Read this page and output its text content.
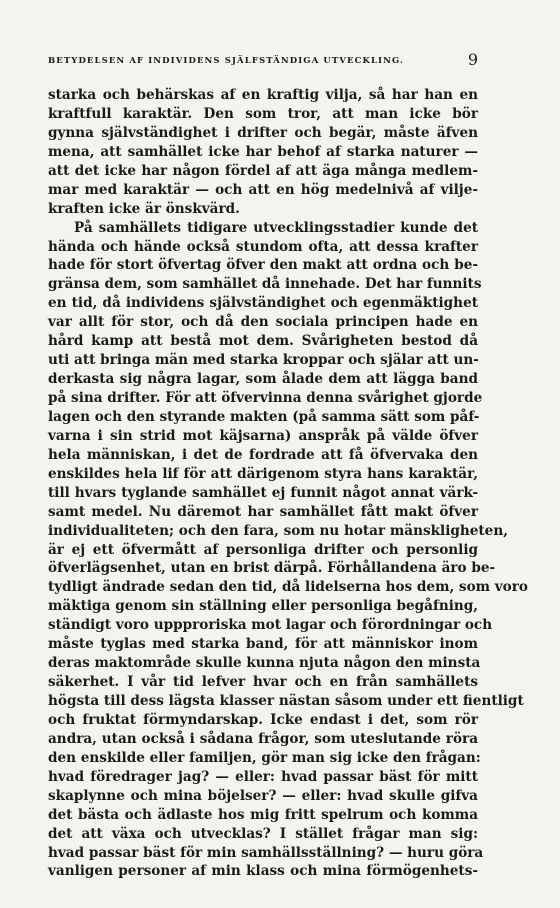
BETYDELSEN AF INDIVIDENS SJÄLFSTÄNDIGA UTVECKLING.	9
starka och behärskas af en kraftig vilja, så har han en
kraftfull karaktär. Den som tror, att man icke bör
gynna självständighet i drifter och begär, måste äfven
mena, att samhället icke har behof af starka naturer —
att det icke har någon fördel af att äga många medlem-
mar med karaktär — och att en hög medelnivå af vilje-
kraften icke är önskvärd.
På samhällets tidigare utvecklingsstadier kunde det
hända och hände också stundom ofta, att dessa krafter
hade för stort öfvertag öfver den makt att ordna och be-
gränsa dem, som samhället då innehade. Det har funnits
en tid, då individens självständighet och egenmäktighet
var allt för stor, och då den sociala principen hade en
hård kamp att bestå mot dem. Svårigheten bestod då
uti att bringa män med starka kroppar och själar att un-
derkasta sig några lagar, som ålade dem att lägga band
på sina drifter. För att öfvervinna denna svårighet gjorde
lagen och den styrande makten (på samma sätt som påf-
varna i sin strid mot käjsarna) anspråk på välde öfver
hela människan, i det de fordrade att få öfvervaka den
enskildes hela lif för att därigenom styra hans karaktär,
till hvars tyglande samhället ej funnit något annat värk-
samt medel. Nu däremot har samhället fått makt öfver
individualiteten; och den fara, som nu hotar mänskligheten,
är ej ett öfvermått af personliga drifter och personlig
öfverlägsenhet, utan en brist därpå. Förhållandena äro be-
tydligt ändrade sedan den tid, då lidelserna hos dem, som voro
mäktiga genom sin ställning eller personliga begåfning,
ständigt voro uppproriska mot lagar och förordningar och
måste tyglas med starka band, för att människor inom
deras maktområde skulle kunna njuta någon den minsta
säkerhet. I vår tid lefver hvar och en från samhällets
högsta till dess lägsta klasser nästan såsom under ett fientligt
och fruktat förmyndarskap. Icke endast i det, som rör
andra, utan också i sådana frågor, som uteslutande röra
den enskilde eller familjen, gör man sig icke den frågan:
hvad föredrager jag? — eller: hvad passar bäst för mitt
skaplynne och mina böjelser? — eller: hvad skulle gifva
det bästa och ädlaste hos mig fritt spelrum och komma
det att växa och utvecklas? I stället frågar man sig:
hvad passar bäst för min samhällsställning? — huru göra
vanligen personer af min klass och mina förmögenhets-
